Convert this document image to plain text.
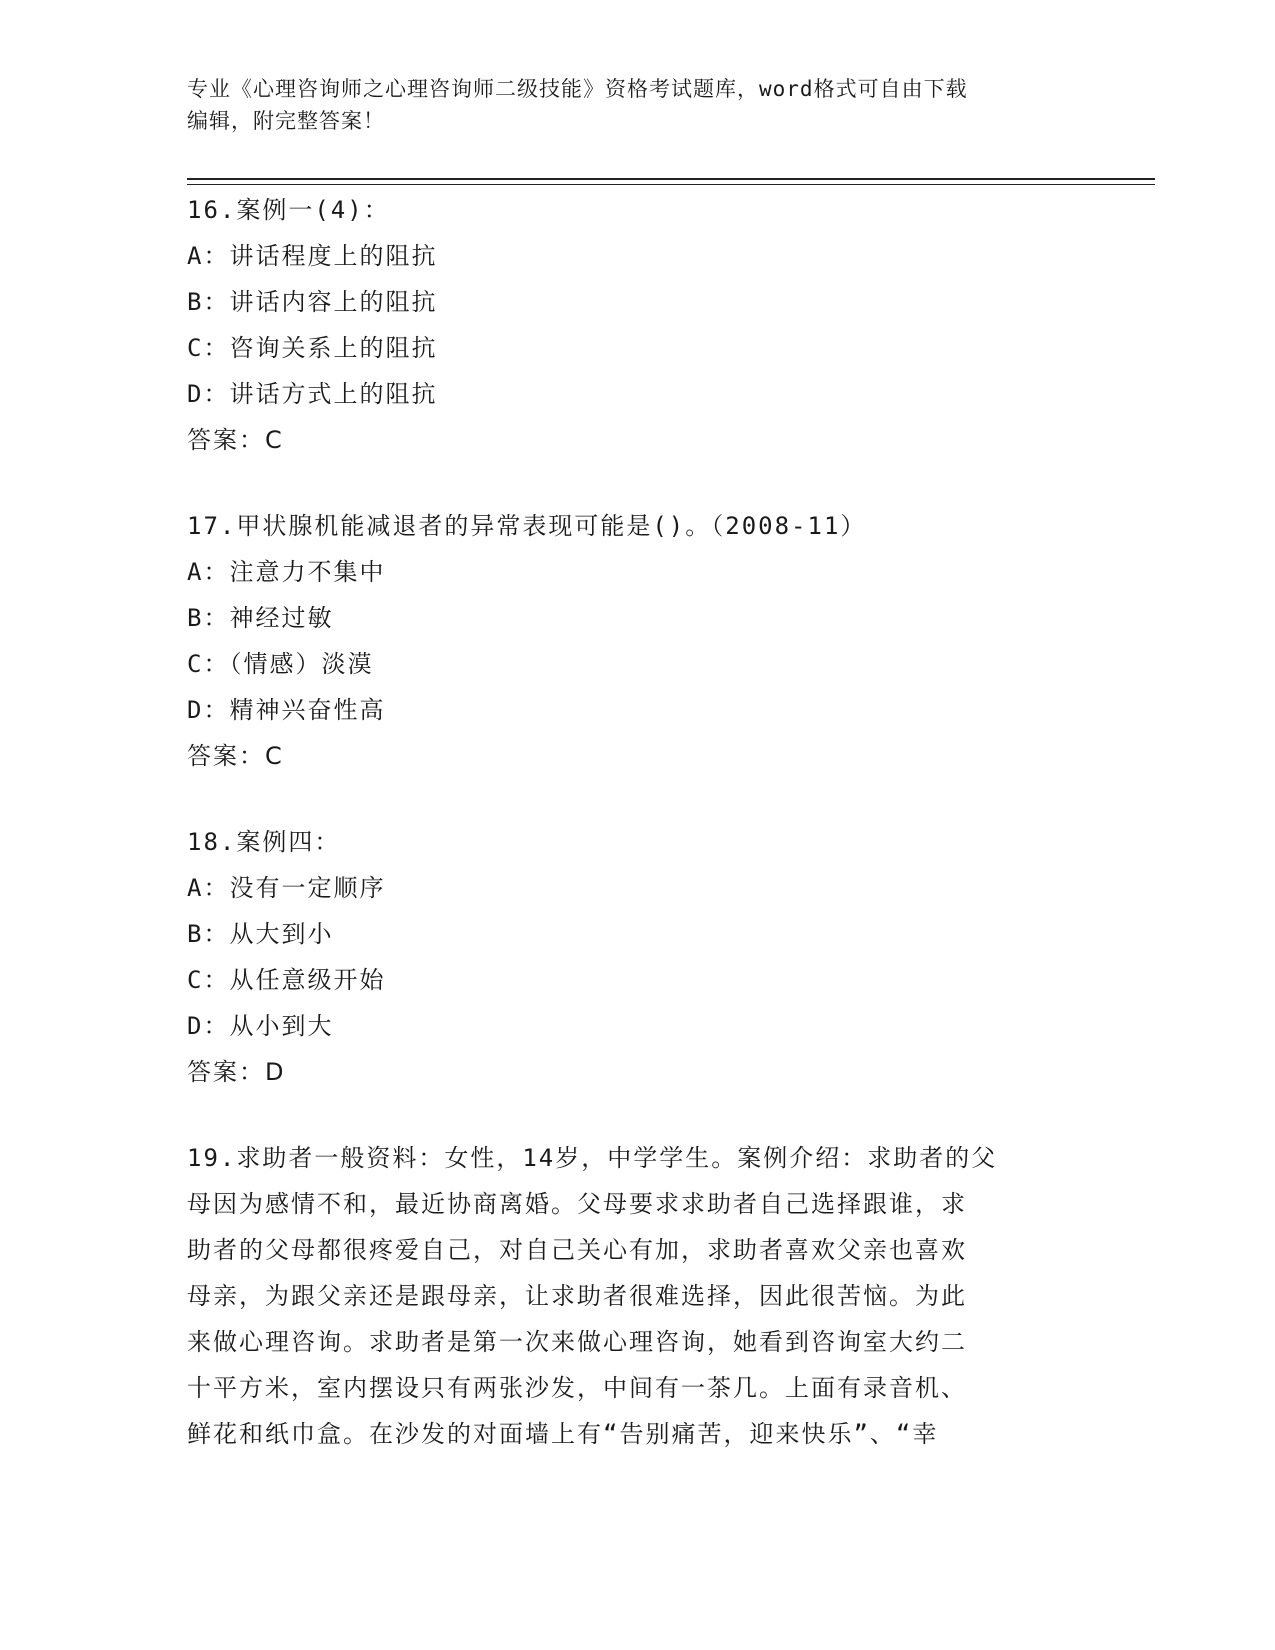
专业《心理咨询师之心理咨询师二级技能》资格考试题库，word格式可自由下载
编辑，附完整答案！
16.案例一(4)：
A：讲话程度上的阻抗
B：讲话内容上的阻抗
C：咨询关系上的阻抗
D：讲话方式上的阻抗
答案：C
17.甲状腺机能减退者的异常表现可能是()。（2008-11）
A：注意力不集中
B：神经过敏
C：（情感）淡漠
D：精神兴奋性高
答案：C
18.案例四：
A：没有一定顺序
B：从大到小
C：从任意级开始
D：从小到大
答案：D
19.求助者一般资料：女性，14岁，中学学生。案例介绍：求助者的父
母因为感情不和，最近协商离婚。父母要求求助者自己选择跟谁，求
助者的父母都很疼爱自己，对自己关心有加，求助者喜欢父亲也喜欢
母亲，为跟父亲还是跟母亲，让求助者很难选择，因此很苦恼。为此
来做心理咨询。求助者是第一次来做心理咨询，她看到咨询室大约二
十平方米，室内摆设只有两张沙发，中间有一茶几。上面有录音机、
鲜花和纸巾盒。在沙发的对面墙上有“告别痛苦，迎来快乐”、“幸
